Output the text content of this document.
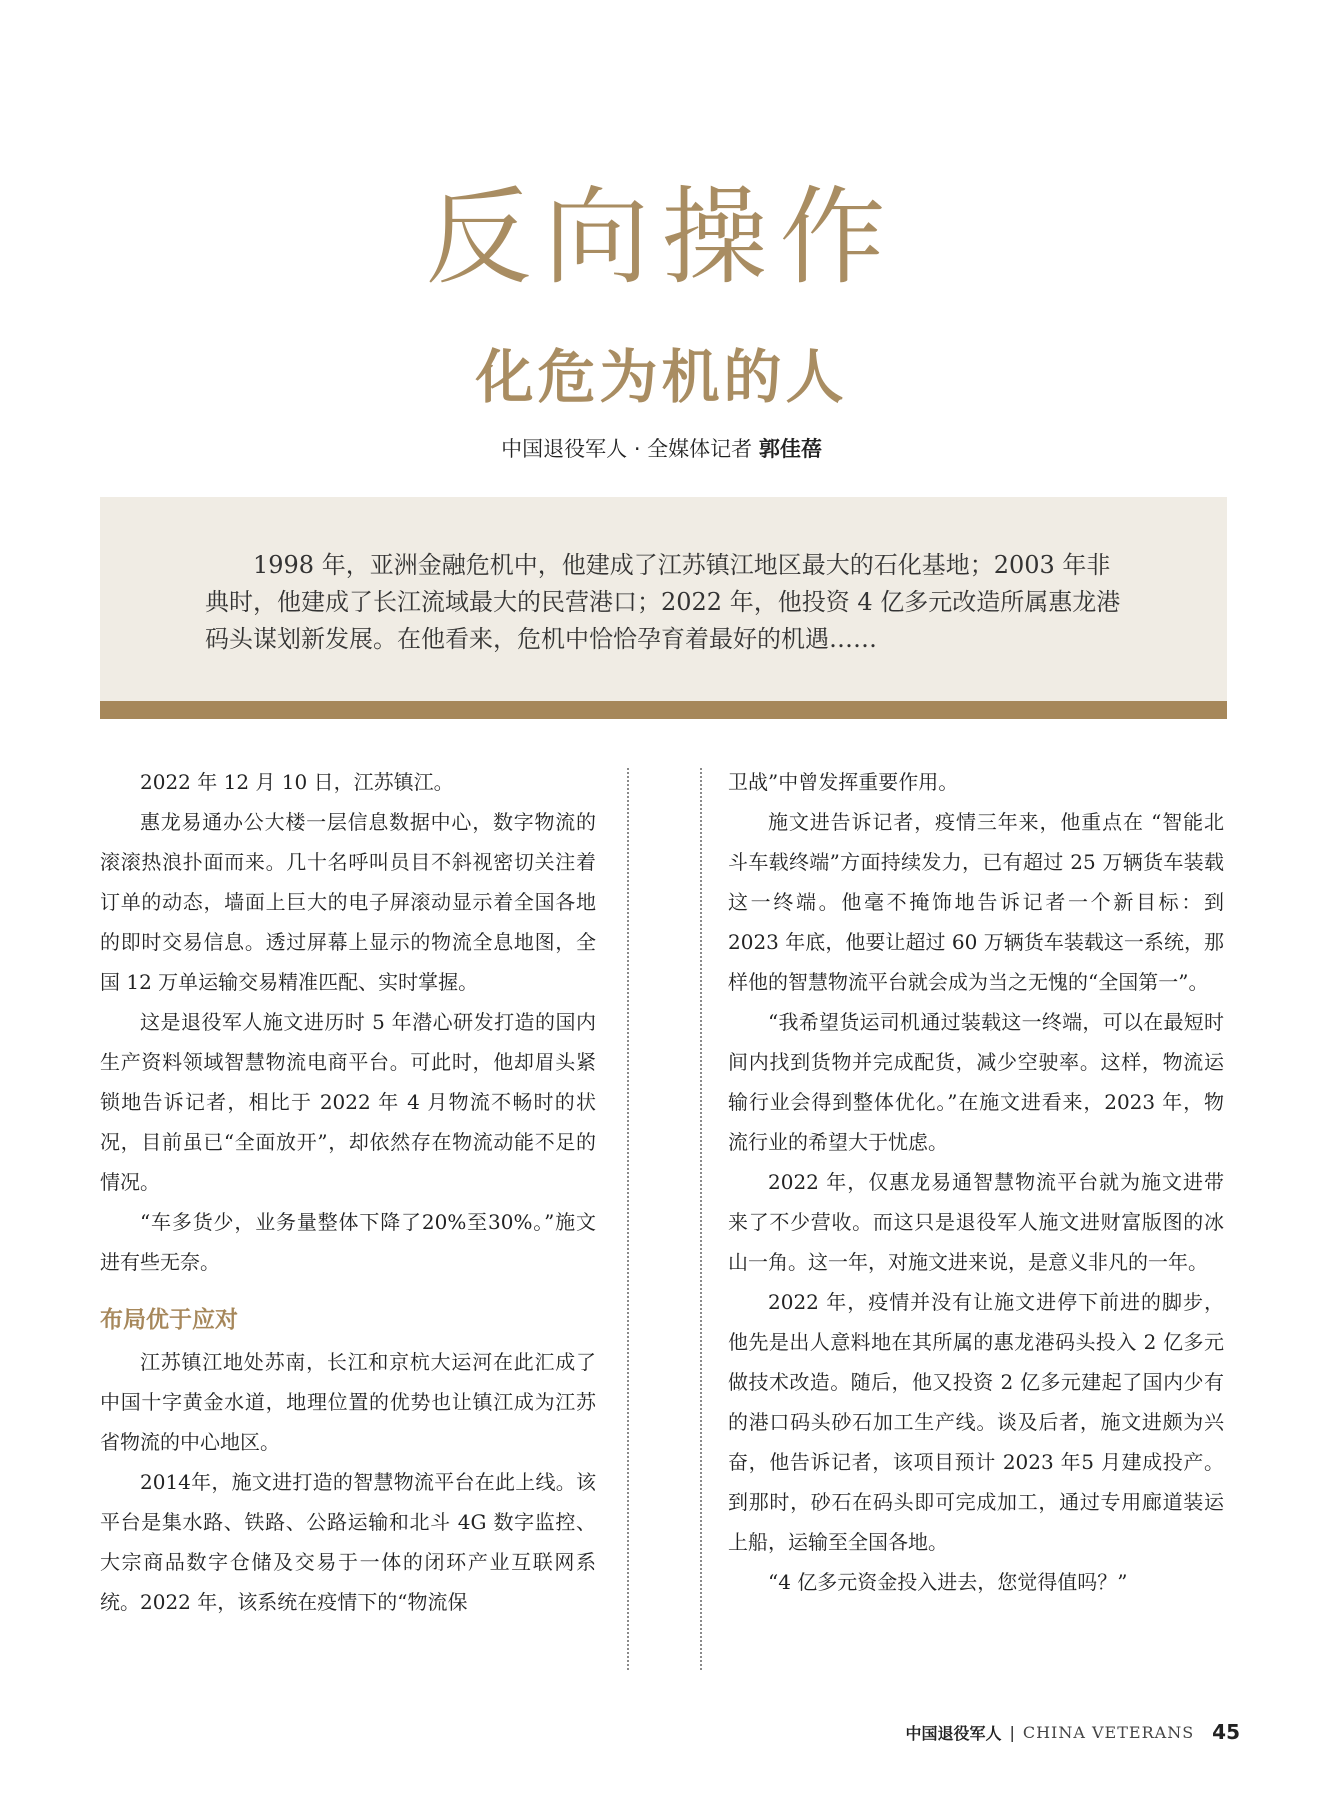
反向操作
化危为机的人
中国退役军人 · 全媒体记者 郭佳蓓

1998 年，亚洲金融危机中，他建成了江苏镇江地区最大的石化基地；2003 年非典时，他建成了长江流域最大的民营港口；2022 年，他投资 4 亿多元改造所属惠龙港码头谋划新发展。在他看来，危机中恰恰孕育着最好的机遇……

2022 年 12 月 10 日，江苏镇江。

惠龙易通办公大楼一层信息数据中心，数字物流的滚滚热浪扑面而来。几十名呼叫员目不斜视密切关注着订单的动态，墙面上巨大的电子屏滚动显示着全国各地的即时交易信息。透过屏幕上显示的物流全息地图，全国 12 万单运输交易精准匹配、实时掌握。

这是退役军人施文进历时 5 年潜心研发打造的国内生产资料领域智慧物流电商平台。可此时，他却眉头紧锁地告诉记者，相比于 2022 年 4 月物流不畅时的状况，目前虽已“全面放开”，却依然存在物流动能不足的情况。

“车多货少，业务量整体下降了20%至30%。”施文进有些无奈。

布局优于应对

江苏镇江地处苏南，长江和京杭大运河在此汇成了中国十字黄金水道，地理位置的优势也让镇江成为江苏省物流的中心地区。

2014年，施文进打造的智慧物流平台在此上线。该平台是集水路、铁路、公路运输和北斗 4G 数字监控、大宗商品数字仓储及交易于一体的闭环产业互联网系统。2022 年，该系统在疫情下的“物流保

卫战”中曾发挥重要作用。

施文进告诉记者，疫情三年来，他重点在 “智能北斗车载终端”方面持续发力，已有超过 25 万辆货车装载这一终端。他毫不掩饰地告诉记者一个新目标：到 2023 年底，他要让超过 60 万辆货车装载这一系统，那样他的智慧物流平台就会成为当之无愧的“全国第一”。

“我希望货运司机通过装载这一终端，可以在最短时间内找到货物并完成配货，减少空驶率。这样，物流运输行业会得到整体优化。”在施文进看来，2023 年，物流行业的希望大于忧虑。

2022 年，仅惠龙易通智慧物流平台就为施文进带来了不少营收。而这只是退役军人施文进财富版图的冰山一角。这一年，对施文进来说，是意义非凡的一年。

2022 年，疫情并没有让施文进停下前进的脚步，他先是出人意料地在其所属的惠龙港码头投入 2 亿多元做技术改造。随后，他又投资 2 亿多元建起了国内少有的港口码头砂石加工生产线。谈及后者，施文进颇为兴奋，他告诉记者，该项目预计 2023 年5 月建成投产。到那时，砂石在码头即可完成加工，通过专用廊道装运上船，运输至全国各地。

“4 亿多元资金投入进去，您觉得值吗？”

中国退役军人 | CHINA VETERANS 45
